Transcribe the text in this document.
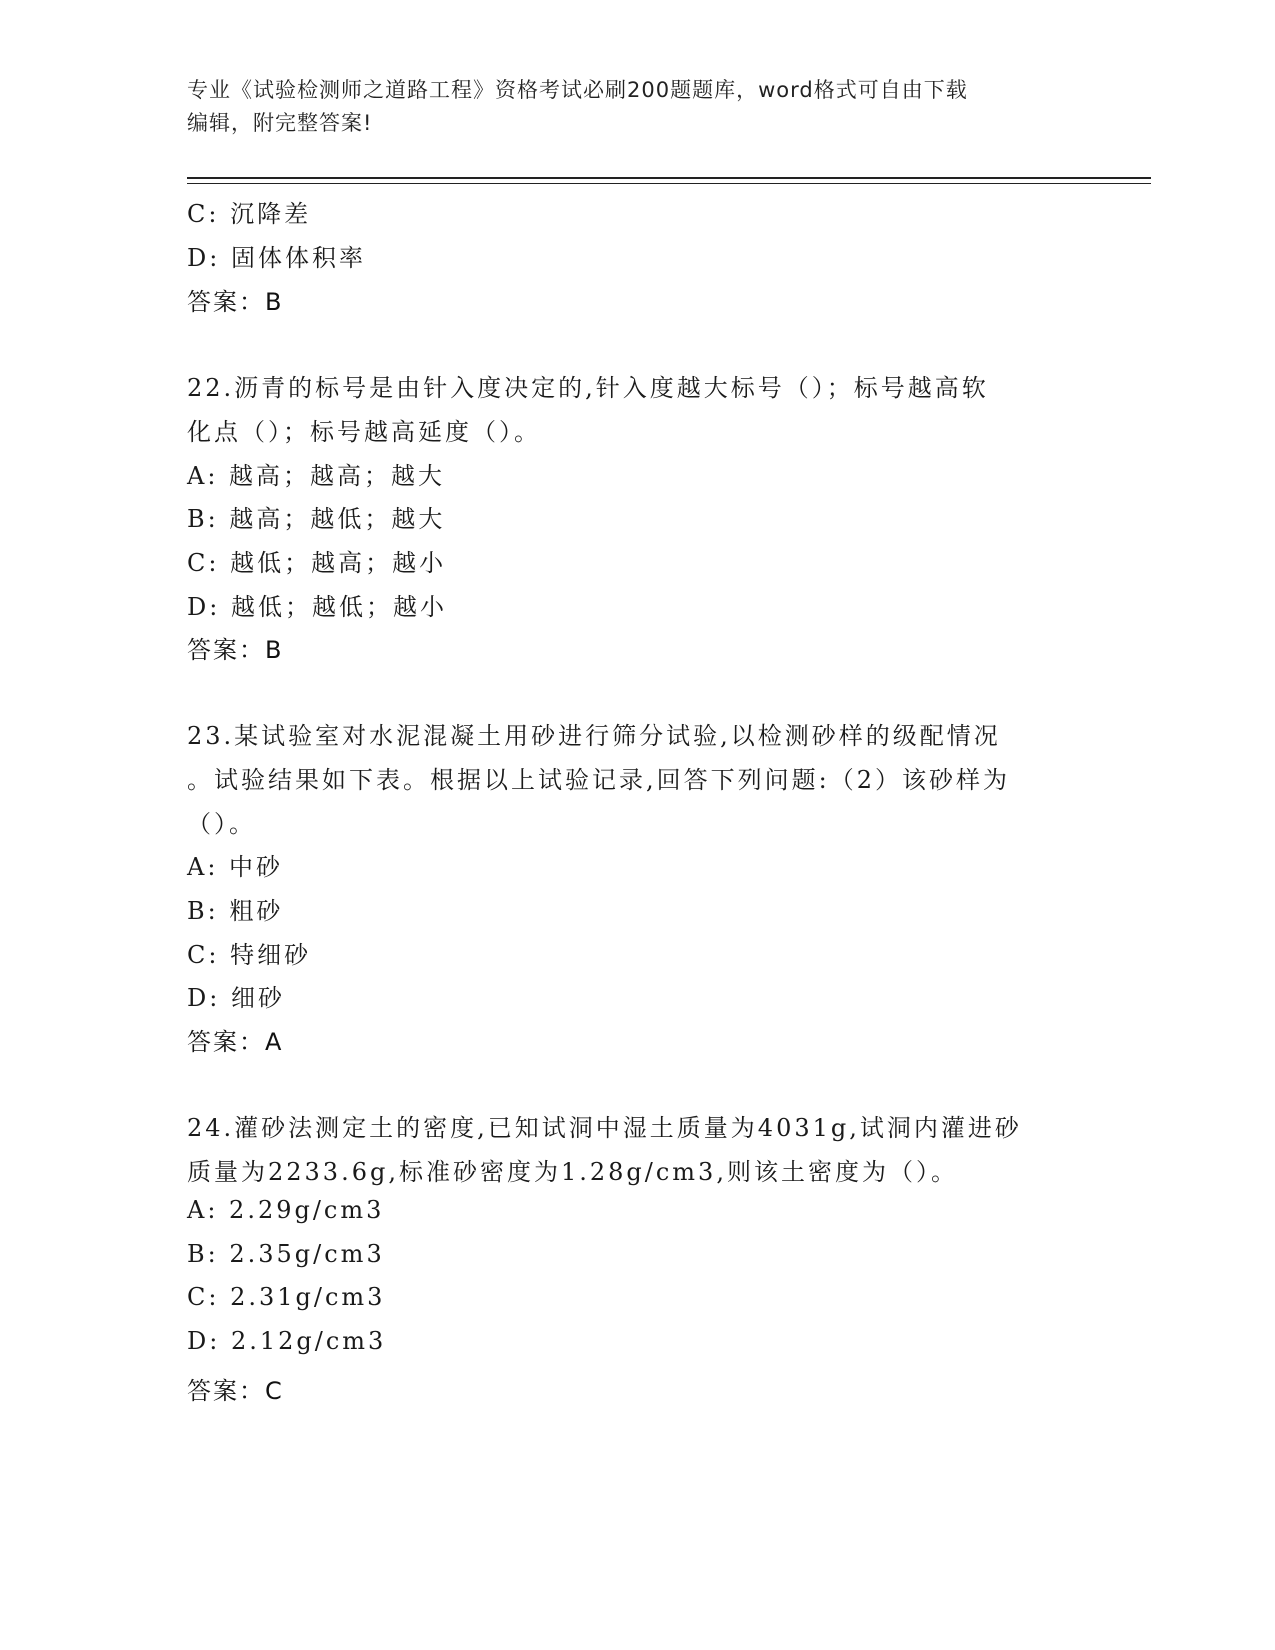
专业《试验检测师之道路工程》资格考试必刷200题题库，word格式可自由下载
编辑，附完整答案!
C: 沉降差
D: 固体体积率
答案：B
22.沥青的标号是由针入度决定的,针入度越大标号（）；标号越高软
化点（）；标号越高延度（）。
A: 越高；越高；越大
B: 越高；越低；越大
C: 越低；越高；越小
D: 越低；越低；越小
答案：B
23.某试验室对水泥混凝土用砂进行筛分试验,以检测砂样的级配情况
。试验结果如下表。根据以上试验记录,回答下列问题:（2）该砂样为
（）。
A: 中砂
B: 粗砂
C: 特细砂
D: 细砂
答案：A
24.灌砂法测定土的密度,已知试洞中湿土质量为4031g,试洞内灌进砂
质量为2233.6g,标准砂密度为1.28g/cm3,则该土密度为（）。
A: 2.29g/cm3
B: 2.35g/cm3
C: 2.31g/cm3
D: 2.12g/cm3
答案：C
